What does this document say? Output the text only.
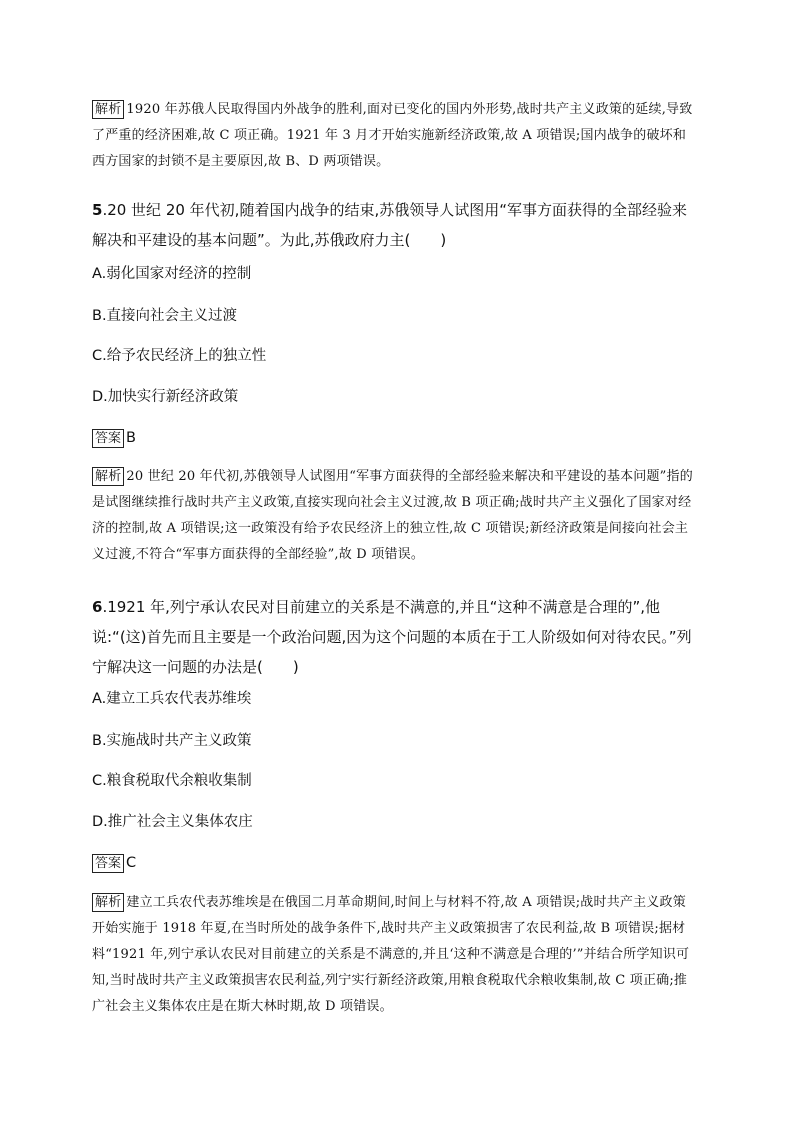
解析 1920 年苏俄人民取得国内外战争的胜利,面对已变化的国内外形势,战时共产主义政策的延续,导致了严重的经济困难,故 C 项正确。1921 年 3 月才开始实施新经济政策,故 A 项错误;国内战争的破坏和西方国家的封锁不是主要原因,故 B、D 两项错误。
5.20 世纪 20 年代初,随着国内战争的结束,苏俄领导人试图用“军事方面获得的全部经验来解决和平建设的基本问题”。为此,苏俄政府力主(　　)
A.弱化国家对经济的控制
B.直接向社会主义过渡
C.给予农民经济上的独立性
D.加快实行新经济政策
答案 B
解析 20 世纪 20 年代初,苏俄领导人试图用“军事方面获得的全部经验来解决和平建设的基本问题”指的是试图继续推行战时共产主义政策,直接实现向社会主义过渡,故 B 项正确;战时共产主义强化了国家对经济的控制,故 A 项错误;这一政策没有给予农民经济上的独立性,故 C 项错误;新经济政策是间接向社会主义过渡,不符合“军事方面获得的全部经验”,故 D 项错误。
6.1921 年,列宁承认农民对目前建立的关系是不满意的,并且“这种不满意是合理的”,他说:“(这)首先而且主要是一个政治问题,因为这个问题的本质在于工人阶级如何对待农民。”列宁解决这一问题的办法是(　　)
A.建立工兵农代表苏维埃
B.实施战时共产主义政策
C.粮食税取代余粮收集制
D.推广社会主义集体农庄
答案 C
解析 建立工兵农代表苏维埃是在俄国二月革命期间,时间上与材料不符,故 A 项错误;战时共产主义政策开始实施于 1918 年夏,在当时所处的战争条件下,战时共产主义政策损害了农民利益,故 B 项错误;据材料“1921 年,列宁承认农民对目前建立的关系是不满意的,并且‘这种不满意是合理的’”并结合所学知识可知,当时战时共产主义政策损害农民利益,列宁实行新经济政策,用粮食税取代余粮收集制,故 C 项正确;推广社会主义集体农庄是在斯大林时期,故 D 项错误。
